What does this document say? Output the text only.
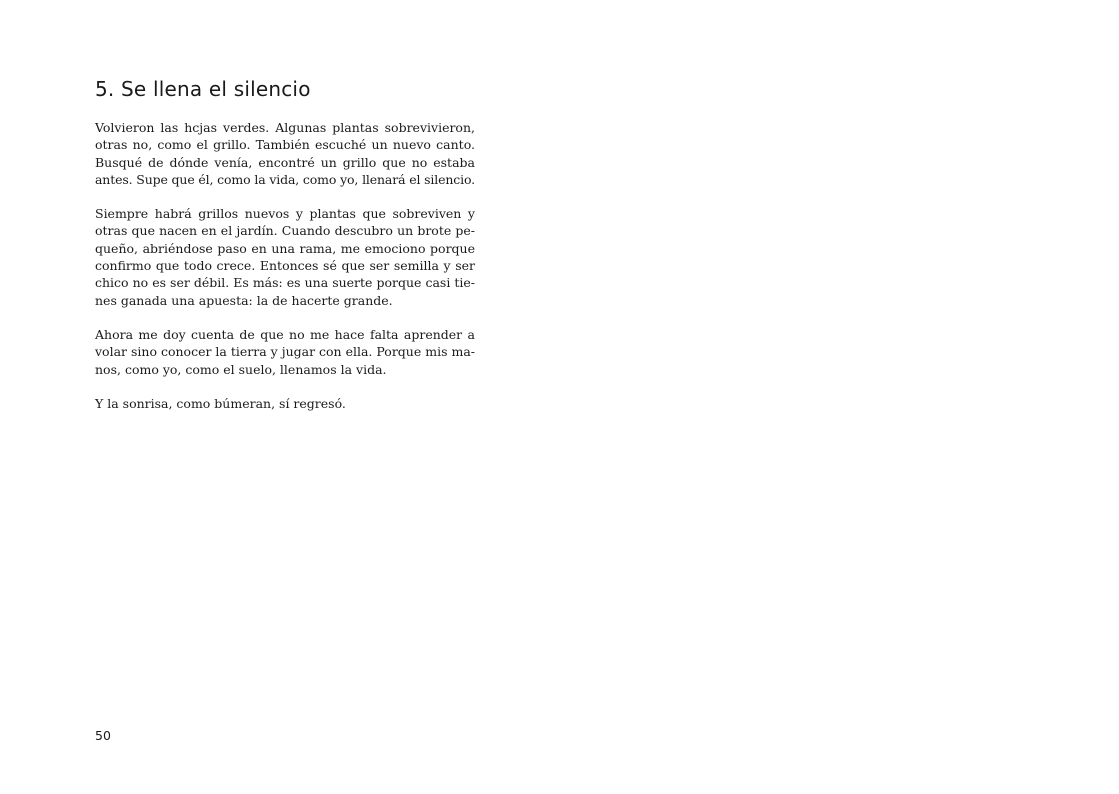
5. Se llena el silencio

Volvieron las hcjas verdes. Algunas plantas sobrevivieron,
otras no, como el grillo. También escuché un nuevo canto.
Busqué de dónde venía, encontré un grillo que no estaba
antes. Supe que él, como la vida, como yo, llenará el silencio.

Siempre habrá grillos nuevos y plantas que sobreviven y
otras que nacen en el jardín. Cuando descubro un brote pe-
queño, abriéndose paso en una rama, me emociono porque
confirmo que todo crece. Entonces sé que ser semilla y ser
chico no es ser débil. Es más: es una suerte porque casi tie-
nes ganada una apuesta: la de hacerte grande.

Ahora me doy cuenta de que no me hace falta aprender a
volar sino conocer la tierra y jugar con ella. Porque mis ma-
nos, como yo, como el suelo, llenamos la vida.

Y la sonrisa, como búmeran, sí regresó.

50
